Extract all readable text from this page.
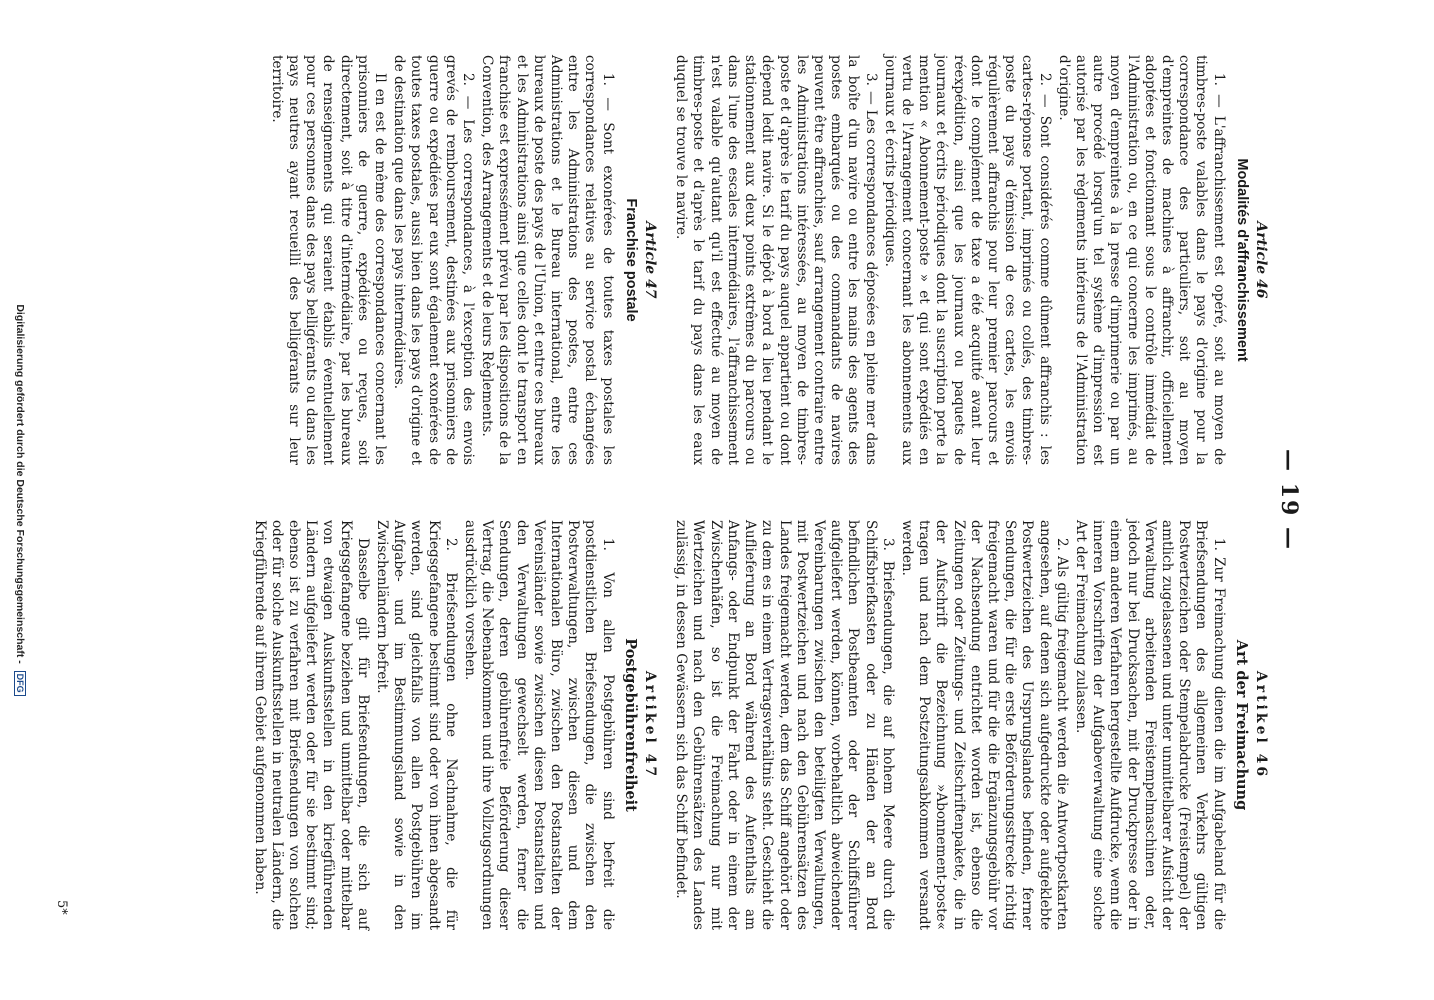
— 19 —
Article 46
Modalités d'affranchissement

1. — L'affranchissement est opéré, soit au moyen de timbres-poste valables dans le pays d'origine pour la correspondance des particuliers, soit au moyen d'empreintes de machines à affranchir, officiellement adoptées et fonctionnant sous le contrôle immédiat de l'Administration ou, en ce qui concerne les imprimés, au moyen d'empreintes à la presse d'imprimerie ou par un autre procédé lorsqu'un tel système d'impression est autorisé par les règlements intérieurs de l'Administration d'origine.

2. — Sont considérés comme dûment affranchis : les cartes-réponse portant, imprimés ou collés, des timbres-poste du pays d'émission de ces cartes, les envois régulièrement affranchis pour leur premier parcours et dont le complément de taxe a été acquitté avant leur réexpédition, ainsi que les journaux ou paquets de journaux et écrits périodiques dont la suscription porte la mention « Abonnement-poste » et qui sont expédiés en vertu de l'Arrangement concernant les abonnements aux journaux et écrits périodiques.

3. — Les correspondances déposées en pleine mer dans la boîte d'un navire ou entre les mains des agents des postes embarqués ou des commandants de navires peuvent être affranchies, sauf arrangement contraire entre les Administrations intéressées, au moyen de timbres-poste et d'après le tarif du pays auquel appartient ou dont dépend ledit navire. Si le dépôt à bord a lieu pendant le stationnement aux deux points extrêmes du parcours ou dans l'une des escales intermédiaires, l'affranchissement n'est valable qu'autant qu'il est effectué au moyen de timbres-poste et d'après le tarif du pays dans les eaux duquel se trouve le navire.

Article 47
Franchise postale

1. — Sont exonérées de toutes taxes postales les correspondances relatives au service postal échangées entre les Administrations des postes, entre ces Administrations et le Bureau international, entre les bureaux de poste des pays de l'Union, et entre ces bureaux et les Administrations ainsi que celles dont le transport en franchise est expressément prévu par les dispositions de la Convention, des Arrangements et de leurs Règlements.

2. — Les correspondances, à l'exception des envois grevés de remboursement, destinées aux prisonniers de guerre ou expédiées par eux sont également exonérées de toutes taxes postales, aussi bien dans les pays d'origine et de destination que dans les pays intermédiaires.

Il en est de même des correspondances concernant les prisonniers de guerre, expédiées ou reçues, soit directement, soit à titre d'intermédiaire, par les bureaux de renseignements qui seraient établis éventuellement pour ces personnes dans des pays belligérants ou dans les pays neutres ayant recueilli des belligérants sur leur territoire.

Artikel 46
Art der Freimachung

1. Zur Freimachung dienen die im Aufgabeland für die Briefsendungen des allgemeinen Verkehrs gültigen Postwertzeichen oder Stempelabdrucke (Freistempel) der amtlich zugelassenen und unter unmittelbarer Aufsicht der Verwaltung arbeitenden Freistempelmaschinen oder, jedoch nur bei Drucksachen, mit der Druckpresse oder in einem anderen Verfahren hergestellte Aufdrucke, wenn die inneren Vorschriften der Aufgabeverwaltung eine solche Art der Freimachung zulassen.

2. Als gültig freigemacht werden die Antwortpostkarten angesehen, auf denen sich aufgedruckte oder aufgeklebte Postwertzeichen des Ursprungslandes befinden, ferner Sendungen, die für die erste Beförderungsstrecke richtig freigemacht waren und für die die Ergänzungsgebühr vor der Nachsendung entrichtet worden ist, ebenso die Zeitungen oder Zeitungs- und Zeitschriftenpakete, die in der Aufschrift die Bezeichnung »Abonnement-poste« tragen und nach dem Postzeitungsabkommen versandt werden.

3. Briefsendungen, die auf hohem Meere durch die Schiffsbriefkasten oder zu Händen der an Bord befindlichen Postbeamten oder der Schiffsführer aufgeliefert werden, können, vorbehaltlich abweichender Vereinbarungen zwischen den beteiligten Verwaltungen, mit Postwertzeichen und nach den Gebührensätzen des Landes freigemacht werden, dem das Schiff angehört oder zu dem es in einem Vertragsverhältnis steht. Geschieht die Auflieferung an Bord während des Aufenthalts am Anfangs- oder Endpunkt der Fahrt oder in einem der Zwischenhäfen, so ist die Freimachung nur mit Wertzeichen und nach den Gebührensätzen des Landes zulässig, in dessen Gewässern sich das Schiff befindet.

Artikel 47
Postgebührenfreiheit

1. Von allen Postgebühren sind befreit die postdienstlichen Briefsendungen, die zwischen den Postverwaltungen, zwischen diesen und dem Internationalen Büro, zwischen den Postanstalten der Vereinsländer sowie zwischen diesen Postanstalten und den Verwaltungen gewechselt werden, ferner die Sendungen, deren gebührenfreie Beförderung dieser Vertrag, die Nebenabkommen und ihre Vollzugsordnungen ausdrücklich vorsehen.

2. Briefsendungen ohne Nachnahme, die für Kriegsgefangene bestimmt sind oder von ihnen abgesandt werden, sind gleichfalls von allen Postgebühren im Aufgabe- und im Bestimmungsland sowie in den Zwischenländern befreit.

Dasselbe gilt für Briefsendungen, die sich auf Kriegsgefangene beziehen und unmittelbar oder mittelbar von etwaigen Auskunftsstellen in den kriegführenden Ländern aufgeliefert werden oder für sie bestimmt sind; ebenso ist zu verfahren mit Briefsendungen von solchen oder für solche Auskunftsstellen in neutralen Ländern, die Kriegführende auf ihrem Gebiet aufgenommen haben.

5*
Digitalisierung gefördert durch die Deutsche Forschungsgemeinschaft - DFG
